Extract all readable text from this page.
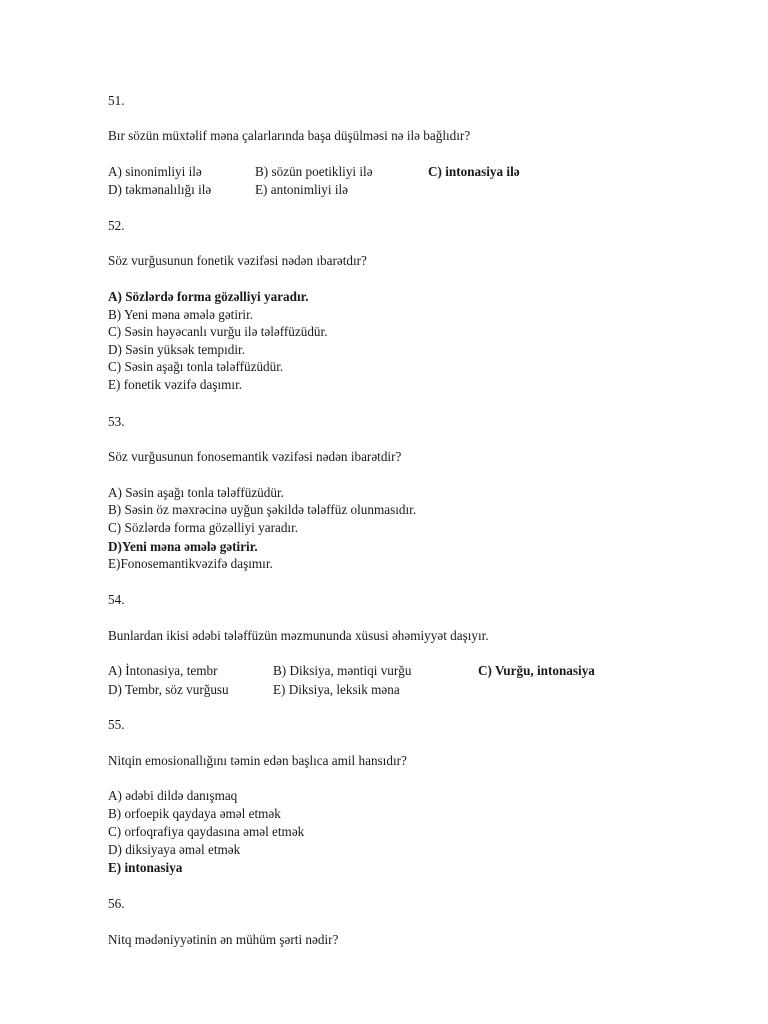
51.
Bır sözün müxtəlif məna çalarlarında başa düşülməsi nə ilə bağlıdır?
A) sinonimliyi ilə	B) sözün poetikliyi ilə	C) intonasiya ilə
D) təkmənalılığı ilə	E) antonimliyi ilə
52.
Söz vurğusunun fonetik vəzifəsi nədən ıbarətdır?
A) Sözlərdə forma gözəlliyi yaradır.
B) Yeni məna əmələ gətirir.
C) Səsin həyəcanlı vurğu ilə tələffüzüdür.
D) Səsin yüksək tempıdir.
C) Səsin aşağı tonla tələffüzüdür.
E) fonetik vəzifə daşımır.
53.
Söz vurğusunun fonosemantik vəzifəsi nədən ibarətdir?
A) Səsin aşağı tonla tələffüzüdür.
B) Səsin öz məxrəcinə uyğun şəkildə tələffüz olunmasıdır.
C) Sözlərdə forma gözəlliyi yaradır.
D)Yeni məna əmələ gətirir.
E)Fonosemantikvəzifə daşımır.
54.
Bunlardan ikisi ədəbi tələffüzün məzmununda xüsusi əhəmiyyət daşıyır.
A) İntonasiya, tembr	B) Diksiya, məntiqi vurğu	C) Vurğu, intonasiya
D) Tembr, söz vurğusu	E) Diksiya, leksik məna
55.
Nitqin emosionallığını təmin edən başlıca amil hansıdır?
A) ədəbi dildə danışmaq
B) orfoepik qaydaya əməl etmək
C) orfoqrafiya qaydasına əməl etmək
D) diksiyaya əməl etmək
E) intonasiya
56.
Nitq mədəniyyətinin ən mühüm şərti nədir?
